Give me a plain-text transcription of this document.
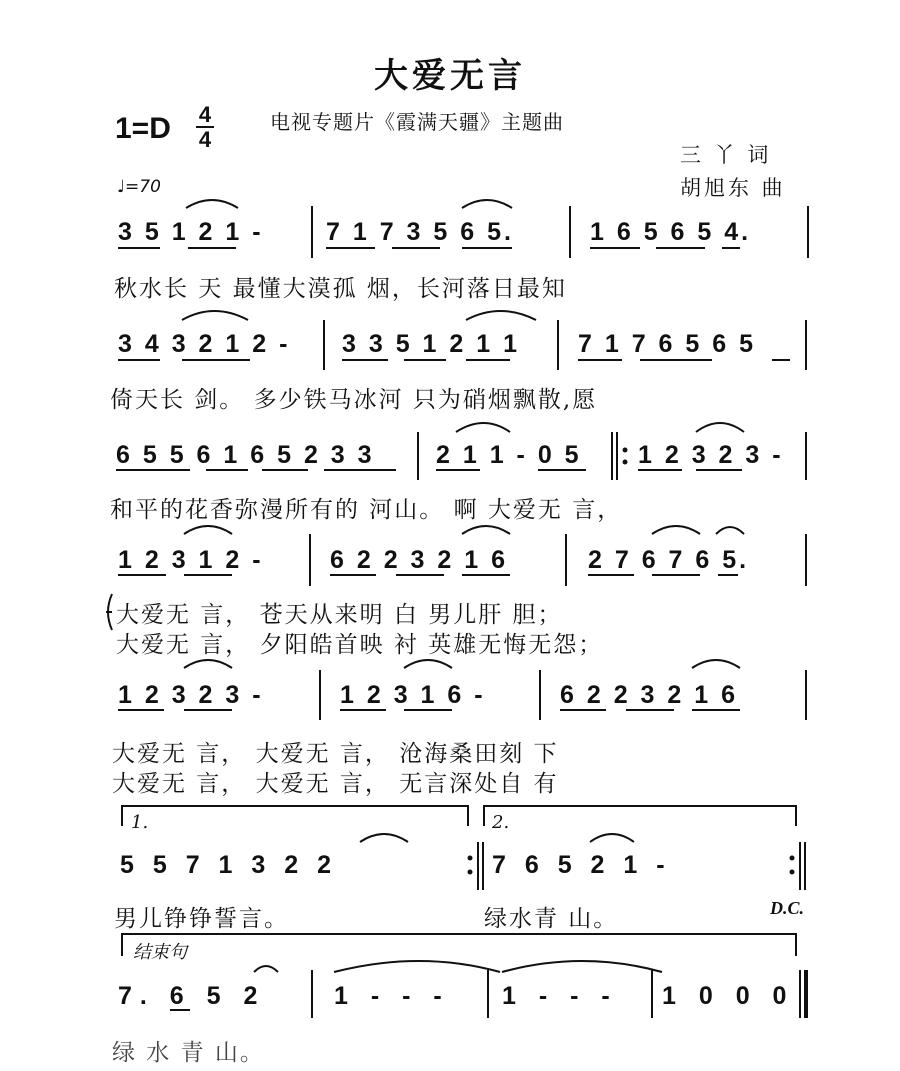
大爱无言
1=D 4
4
电视专题片《霞满天疆》主题曲
三 丫 词
胡旭东 曲
♩=70
3 5 1 2 1 - 7 1 7 3 5 6 5.	1 6 5 6 5 4.
秋水长 天 最懂大漠孤 烟，长河落日最知
3 4 3 2 1 2 - 3 3 5 1 2 1 1 7 1 7 6 5 6 5
倚天长 剑。 多少铁马冰河 只为硝烟飘散,愿
6 5 5 6 1 6 5 2 3 3 2 1 1 - 0 5 1 2 3 2 3 -
和平的花香弥漫所有的 河山。 啊 大爱无 言，
1 2 3 1 2 -	6 2 2 3 2 1 6	2 7 6 7 6 5.
大爱无 言， 苍天从来明 白 男儿肝 胆；
大爱无 言， 夕阳皓首映 衬 英雄无悔无怨；
1 2 3 2 3 -	1 2 3 1 6 -	6 2 2 3 2 1 6
大爱无 言， 大爱无 言， 沧海桑田刻 下
大爱无 言， 大爱无 言， 无言深处自 有
1.	2.
5 5 7 1 3 2 2	7 6 5 2 1 -
男儿铮铮誓言。	绿水青 山。	D.C.
结束句
7. 6 5 2	1 - - - 1 - - - 1 0 0 0
绿 水 青 山。
